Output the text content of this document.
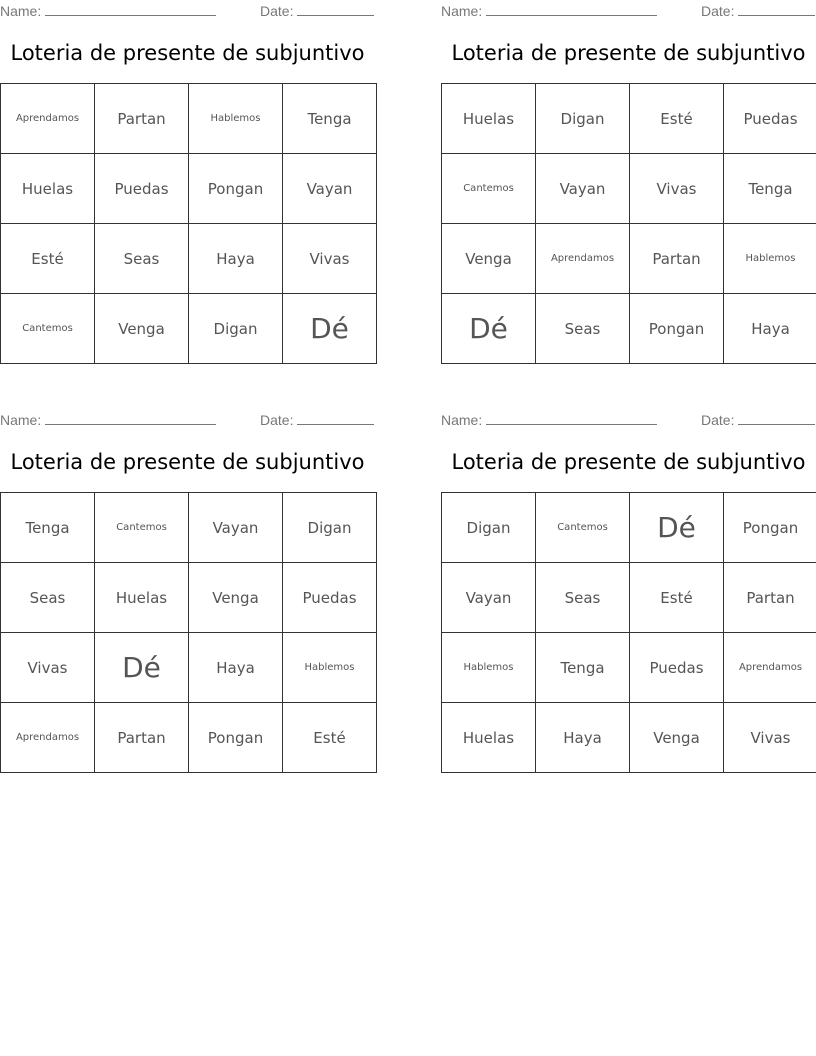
Name:	Date:
Loteria de presente de subjuntivo
Aprendamos	Partan	Hablemos	Tenga
Huelas	Puedas	Pongan	Vayan
Esté	Seas	Haya	Vivas
Cantemos	Venga	Digan	Dé
Name:	Date:
Loteria de presente de subjuntivo
Huelas	Digan	Esté	Puedas
Cantemos	Vayan	Vivas	Tenga
Venga	Aprendamos	Partan	Hablemos
Dé	Seas	Pongan	Haya
Name:	Date:
Loteria de presente de subjuntivo
Tenga	Cantemos	Vayan	Digan
Seas	Huelas	Venga	Puedas
Vivas	Dé	Haya	Hablemos
Aprendamos	Partan	Pongan	Esté
Name:	Date:
Loteria de presente de subjuntivo
Digan	Cantemos	Dé	Pongan
Vayan	Seas	Esté	Partan
Hablemos	Tenga	Puedas	Aprendamos
Huelas	Haya	Venga	Vivas
